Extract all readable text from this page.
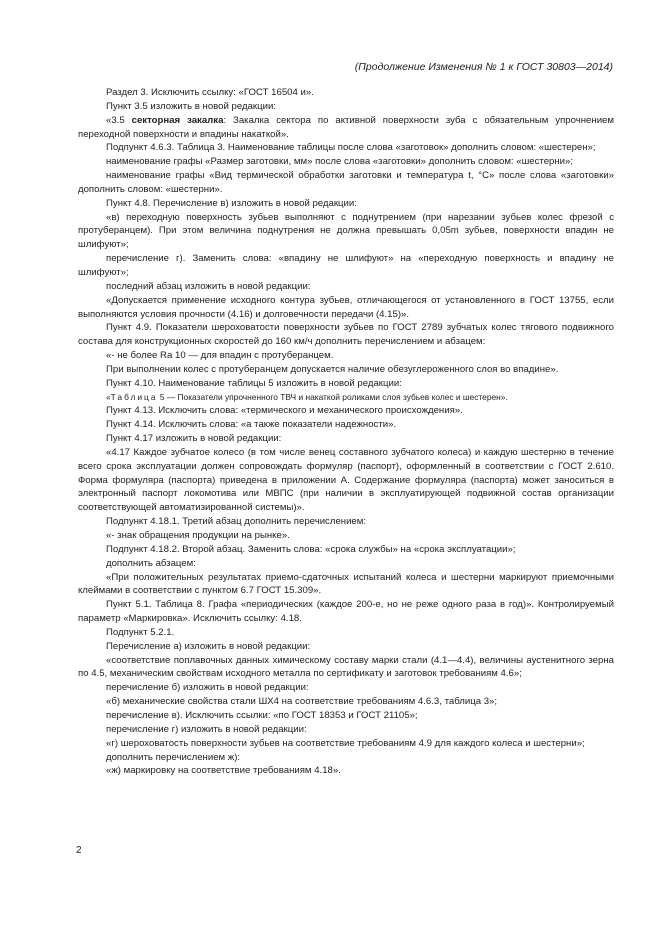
(Продолжение Изменения № 1 к ГОСТ 30803—2014)

Раздел 3. Исключить ссылку: «ГОСТ 16504 и».

Пункт 3.5 изложить в новой редакции:

«3.5 секторная закалка: Закалка сектора по активной поверхности зуба с обязательным упрочнением переходной поверхности и впадины накаткой».

Подпункт 4.6.3. Таблица 3. Наименование таблицы после слова «заготовок» дополнить словом: «шестерен»;

наименование графы «Размер заготовки, мм» после слова «заготовки» дополнить словом: «шестерни»;

наименование графы «Вид термической обработки заготовки и температура t, °С» после слова «заготовки» дополнить словом: «шестерни».

Пункт 4.8. Перечисление в) изложить в новой редакции:

«в) переходную поверхность зубьев выполняют с поднутрением (при нарезании зубьев колес фрезой с протуберанцем). При этом величина поднутрения не должна превышать 0,05m зубьев, поверхности впадин не шлифуют»;

перечисление г). Заменить слова: «впадину не шлифуют» на «переходную поверхность и впадину не шлифуют»;

последний абзац изложить в новой редакции:

«Допускается применение исходного контура зубьев, отличающегося от установленного в ГОСТ 13755, если выполняются условия прочности (4.16) и долговечности передачи (4.15)».

Пункт 4.9. Показатели шероховатости поверхности зубьев по ГОСТ 2789 зубчатых колес тягового подвижного состава для конструкционных скоростей до 160 км/ч дополнить перечислением и абзацем:

«- не более Ra 10 — для впадин с протуберанцем.

При выполнении колес с протуберанцем допускается наличие обезуглероженного слоя во впадине».

Пункт 4.10. Наименование таблицы 5 изложить в новой редакции:

«Таблица 5 — Показатели упрочненного ТВЧ и накаткой роликами слоя зубьев колес и шестерен».

Пункт 4.13. Исключить слова: «термического и механического происхождения».

Пункт 4.14. Исключить слова: «а также показатели надежности».

Пункт 4.17 изложить в новой редакции:

«4.17 Каждое зубчатое колесо (в том числе венец составного зубчатого колеса) и каждую шестерню в течение всего срока эксплуатации должен сопровождать формуляр (паспорт), оформленный в соответствии с ГОСТ 2.610. Форма формуляра (паспорта) приведена в приложении А. Содержание формуляра (паспорта) может заноситься в электронный паспорт локомотива или МВПС (при наличии в эксплуатирующей подвижной состав организации соответствующей автоматизированной системы)».

Подпункт 4.18.1. Третий абзац дополнить перечислением:

«- знак обращения продукции на рынке».

Подпункт 4.18.2. Второй абзац. Заменить слова: «срока службы» на «срока эксплуатации»;

дополнить абзацем:

«При положительных результатах приемо-сдаточных испытаний колеса и шестерни маркируют приемочными клеймами в соответствии с пунктом 6.7 ГОСТ 15.309».

Пункт 5.1. Таблица 8. Графа «периодических (каждое 200-е, но не реже одного раза в год)». Контролируемый параметр «Маркировка». Исключить ссылку: 4.18.

Подпункт 5.2.1.

Перечисление а) изложить в новой редакции:

«соответствие поплавочных данных химическому составу марки стали (4.1—4.4), величины аустенитного зерна по 4.5, механическим свойствам исходного металла по сертификату и заготовок требованиям 4.6»;

перечисление б) изложить в новой редакции:

«б) механические свойства стали ШХ4 на соответствие требованиям 4.6.3, таблица 3»;

перечисление в). Исключить ссылки: «по ГОСТ 18353 и ГОСТ 21105»;

перечисление г) изложить в новой редакции:

«г) шероховатость поверхности зубьев на соответствие требованиям 4.9 для каждого колеса и шестерни»;

дополнить перечислением ж):

«ж) маркировку на соответствие требованиям 4.18».

2
